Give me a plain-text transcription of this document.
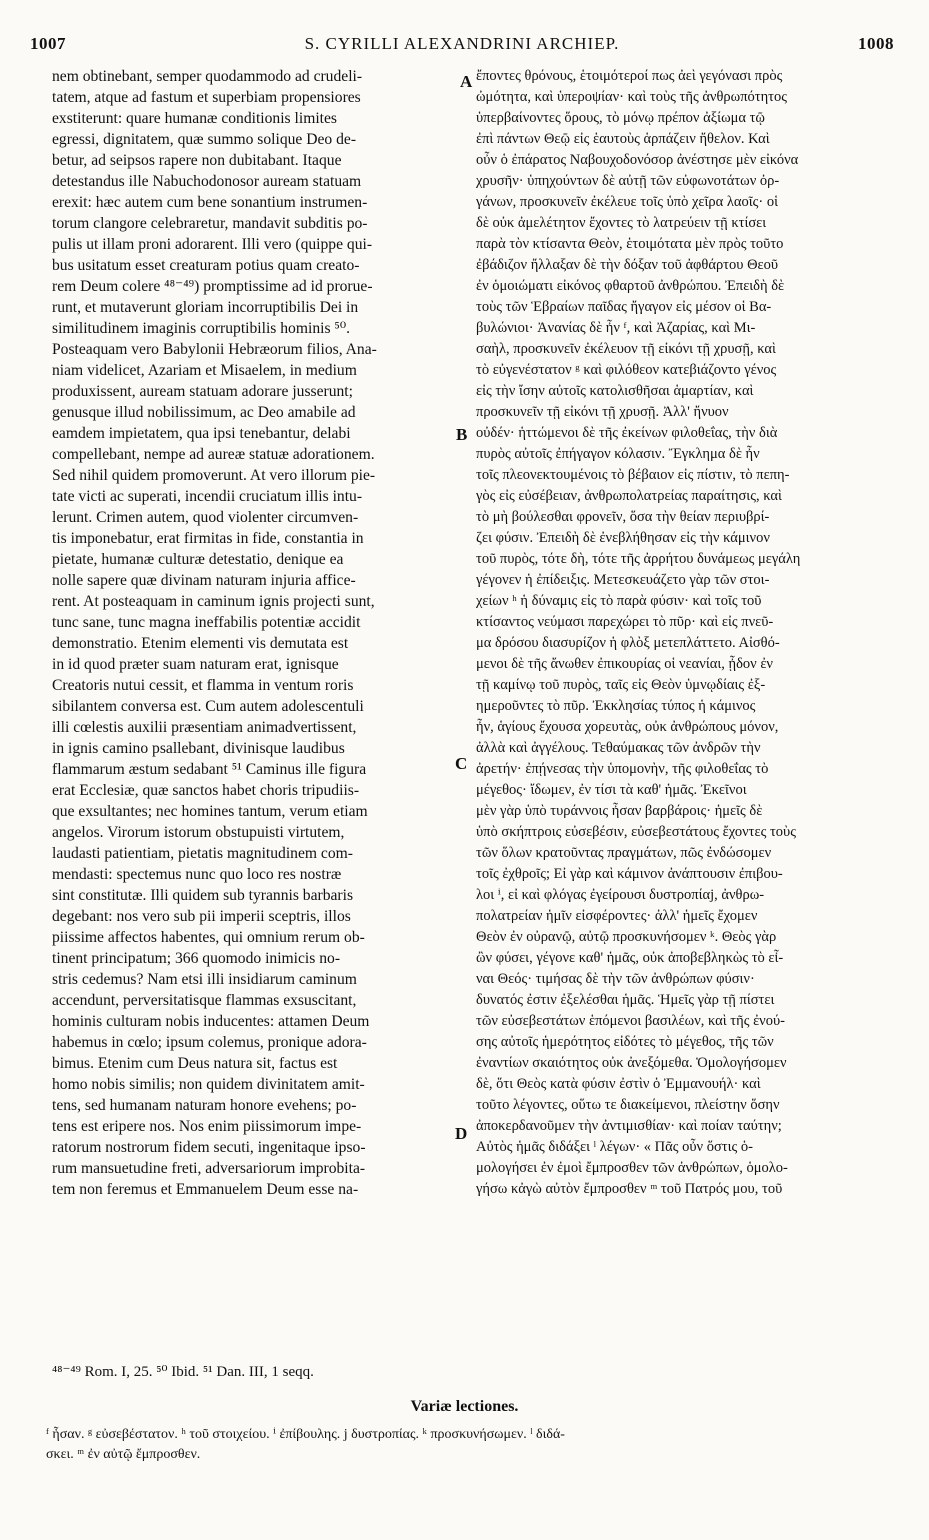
1007	S. CYRILLI ALEXANDRINI ARCHIEP.	1008
nem obtinebant, semper quodammodo ad crudeli-
tatem, atque ad fastum et superbiam propensiores
exstiterunt: quare humanæ conditionis limites
egressi, dignitatem, quæ summo solique Deo de-
betur, ad seipsos rapere non dubitabant. Itaque
detestandus ille Nabuchodonosor auream statuam
erexit: hæc autem cum bene sonantium instrumen-
torum clangore celebraretur, mandavit subditis po-
pulis ut illam proni adorarent. Illi vero (quippe qui-
bus usitatum esset creaturam potius quam creato-
rem Deum colere ⁴⁸⁻⁴⁹) promptissime ad id proruе-
runt, et mutaverunt gloriam incorruptibilis Dei in
similitudinem imaginis corruptibilis hominis ⁵⁰.
Posteaquam vero Babylonii Hebræorum filios, Ana-
niam videlicet, Azariam et Misaelem, in medium
produxissent, auream statuam adorare jusserunt;
genusque illud nobilissimum, ac Deo amabile ad
eamdem impietatem, qua ipsi tenebantur, delabi
compellebant, nempe ad aureæ statuæ adorationem.
Sed nihil quidem promoverunt. At vero illorum pie-
tate victi ac superati, incendii cruciatum illis intu-
lerunt. Crimen autem, quod violenter circumven-
tis imponebatur, erat firmitas in fide, constantia in
pietate, humanæ culturæ detestatio, denique ea
nolle sapere quæ divinam naturam injuria affice-
rent. At posteaquam in caminum ignis projecti sunt,
tunc sane, tunc magna ineffabilis potentiæ accidit
demonstratio. Etenim elementi vis demutata est
in id quod præter suam naturam erat, ignisque
Creatoris nutui cessit, et flamma in ventum roris
sibilantem conversa est. Cum autem adolescentuli
illi cœlestis auxilii præsentiam animadvertissent,
in ignis camino psallebant, divinisque laudibus
flammarum æstum sedabant ⁵¹ Caminus ille figura
erat Ecclesiæ, quæ sanctos habet choris tripudiis-
que exsultantes; nec homines tantum, verum etiam
angelos. Virorum istorum obstupuisti virtutem,
laudasti patientiam, pietatis magnitudinem com-
mendasti: spectemus nunc quo loco res nostræ
sint constitutæ. Illi quidem sub tyrannis barbaris
degebant: nos vero sub pii imperii sceptris, illos
piissime affectos habentes, qui omnium rerum ob-
tinent principatum; 366 quomodo inimicis no-
stris cedemus? Nam etsi illi insidiarum caminum
accendunt, perversitatisque flammas exsuscitant,
hominis culturam nobis inducentes: attamen Deum
habemus in cœlo; ipsum colemus, pronique adora-
bimus. Etenim cum Deus natura sit, factus est
homo nobis similis; non quidem divinitatem amit-
tens, sed humanam naturam honore evehens; po-
tens est eripere nos. Nos enim piissimorum impe-
ratorum nostrorum fidem secuti, ingenitaque ipso-
rum mansuetudine freti, adversariorum improbita-
tem non feremus et Emmanuelem Deum esse na-
ἔποντες θρόνους, ἑτοιμότεροί πως ἀεὶ γεγόνασι πρὸς
ὠμότητα, καὶ ὑπεροψίαν· καὶ τοὺς τῆς ἀνθρωπότητος
ὑπερβαίνοντες ὅρους, τὸ μόνῳ πρέπον ἀξίωμα τῷ
ἐπὶ πάντων Θεῷ εἰς ἑαυτοὺς ἁρπάζειν ἤθελον. Καὶ
οὖν ὁ ἐπάρατος Ναβουχοδονόσορ ἀνέστησε μὲν εἰκόνα
χρυσῆν· ὑπηχούντων δὲ αὐτῇ τῶν εὐφωνοτάτων ὀρ-
γάνων, προσκυνεῖν ἐκέλευε τοῖς ὑπὸ χεῖρα λαοῖς· οἱ
δὲ οὐκ ἀμελέτητον ἔχοντες τὸ λατρεύειν τῇ κτίσει
παρὰ τὸν κτίσαντα Θεὸν, ἑτοιμότατα μὲν πρὸς τοῦτο
ἐβάδιζον ἤλλαξαν δὲ τὴν δόξαν τοῦ ἀφθάρτου Θεοῦ
ἐν ὁμοιώματι εἰκόνος φθαρτοῦ ἀνθρώπου. Ἐπειδὴ δὲ
τοὺς τῶν Ἑβραίων παῖδας ἤγαγον εἰς μέσον οἱ Βα-
βυλώνιοι· Ἀνανίας δὲ ἦν ᶠ, καὶ Ἀζαρίας, καὶ Μι-
σαὴλ, προσκυνεῖν ἐκέλευον τῇ εἰκόνι τῇ χρυσῇ, καὶ
τὸ εὐγενέστατον ᵍ καὶ φιλόθεον κατεβιάζοντο γένος
εἰς τὴν ἴσην αὐτοῖς κατολισθῆσαι ἁμαρτίαν, καὶ
προσκυνεῖν τῇ εἰκόνι τῇ χρυσῇ. Ἀλλ' ἤνυον
οὐδέν· ἡττώμενοι δὲ τῆς ἐκείνων φιλοθεΐας, τὴν διὰ
πυρὸς αὐτοῖς ἐπήγαγον κόλασιν. Ἔγκλημα δὲ ἦν
τοῖς πλεονεκτουμένοις τὸ βέβαιον εἰς πίστιν, τὸ πεπη-
γὸς εἰς εὐσέβειαν, ἀνθρωπολατρείας παραίτησις, καὶ
τὸ μὴ βούλεσθαι φρονεῖν, ὅσα τὴν θείαν περιυβρί-
ζει φύσιν. Ἐπειδὴ δὲ ἐνεβλήθησαν εἰς τὴν κάμινον
τοῦ πυρὸς, τότε δὴ, τότε τῆς ἀρρήτου δυνάμεως μεγάλη
γέγονεν ἡ ἐπίδειξις. Μετεσκευάζετο γὰρ τῶν στοι-
χείων ʰ ἡ δύναμις εἰς τὸ παρὰ φύσιν· καὶ τοῖς τοῦ
κτίσαντος νεύμασι παρεχώρει τὸ πῦρ· καὶ εἰς πνεῦ-
μα δρόσου διασυρίζον ἡ φλὸξ μετεπλάττετο. Αἰσθό-
μενοι δὲ τῆς ἄνωθεν ἐπικουρίας οἱ νεανίαι, ᾖδον ἐν
τῇ καμίνῳ τοῦ πυρὸς, ταῖς εἰς Θεὸν ὑμνῳδίαις ἐξ-
ημεροῦντες τὸ πῦρ. Ἐκκλησίας τύπος ἡ κάμινος
ἦν, ἁγίους ἔχουσα χορευτὰς, οὐκ ἀνθρώπους μόνον,
ἀλλὰ καὶ ἀγγέλους. Τεθαύμακας τῶν ἀνδρῶν τὴν
ἀρετήν· ἐπῄνεσας τὴν ὑπομονὴν, τῆς φιλοθεΐας τὸ
μέγεθος· ἴδωμεν, ἐν τίσι τὰ καθ' ἡμᾶς. Ἐκεῖνοι
μὲν γὰρ ὑπὸ τυράννοις ἦσαν βαρβάροις· ἡμεῖς δὲ
ὑπὸ σκήπτροις εὐσεβέσιν, εὐσεβεστάτους ἔχοντες τοὺς
τῶν ὅλων κρατοῦντας πραγμάτων, πῶς ἐνδώσομεν
τοῖς ἐχθροῖς; Εἰ γὰρ καὶ κάμινον ἀνάπτουσιν ἐπιβου-
λοι ⁱ, εἰ καὶ φλόγας ἐγείρουσι δυστροπίαϳ, ἀνθρω-
πολατρείαν ἡμῖν εἰσφέροντες· ἀλλ' ἡμεῖς ἔχομεν
Θεὸν ἐν οὐρανῷ, αὐτῷ προσκυνήσομεν ᵏ. Θεὸς γὰρ
ὢν φύσει, γέγονε καθ' ἡμᾶς, οὐκ ἀποβεβληκὼς τὸ εἶ-
ναι Θεός· τιμήσας δὲ τὴν τῶν ἀνθρώπων φύσιν·
δυνατός ἐστιν ἐξελέσθαι ἡμᾶς. Ἡμεῖς γὰρ τῇ πίστει
τῶν εὐσεβεστάτων ἑπόμενοι βασιλέων, καὶ τῆς ἐνού-
σης αὐτοῖς ἡμερότητος εἰδότες τὸ μέγεθος, τῆς τῶν
ἐναντίων σκαιότητος οὐκ ἀνεξόμεθα. Ὁμολογήσομεν
δὲ, ὅτι Θεὸς κατὰ φύσιν ἐστὶν ὁ Ἐμμανουήλ· καὶ
τοῦτο λέγοντες, οὕτω τε διακείμενοι, πλείστην ὅσην
ἀποκερδανοῦμεν τὴν ἀντιμισθίαν· καὶ ποίαν ταύτην;
Αὐτὸς ἡμᾶς διδάξει ˡ λέγων· « Πᾶς οὖν ὅστις ὁ-
μολογήσει ἐν ἐμοὶ ἔμπροσθεν τῶν ἀνθρώπων, ὁμολο-
γήσω κἀγὼ αὐτὸν ἔμπροσθεν ᵐ τοῦ Πατρός μου, τοῦ
A
B
C
D
⁴⁸⁻⁴⁹ Rom. I, 25. ⁵⁰ Ibid. ⁵¹ Dan. III, 1 seqq.
Variæ lectiones.
ᶠ ἦσαν. ᵍ εὐσεβέστατον. ʰ τοῦ στοιχείου. ⁱ ἐπίβουλης. ϳ δυστροπίας. ᵏ προσκυνήσωμεν. ˡ διδά-
σκει. ᵐ ἐν αὐτῷ ἔμπροσθεν.
